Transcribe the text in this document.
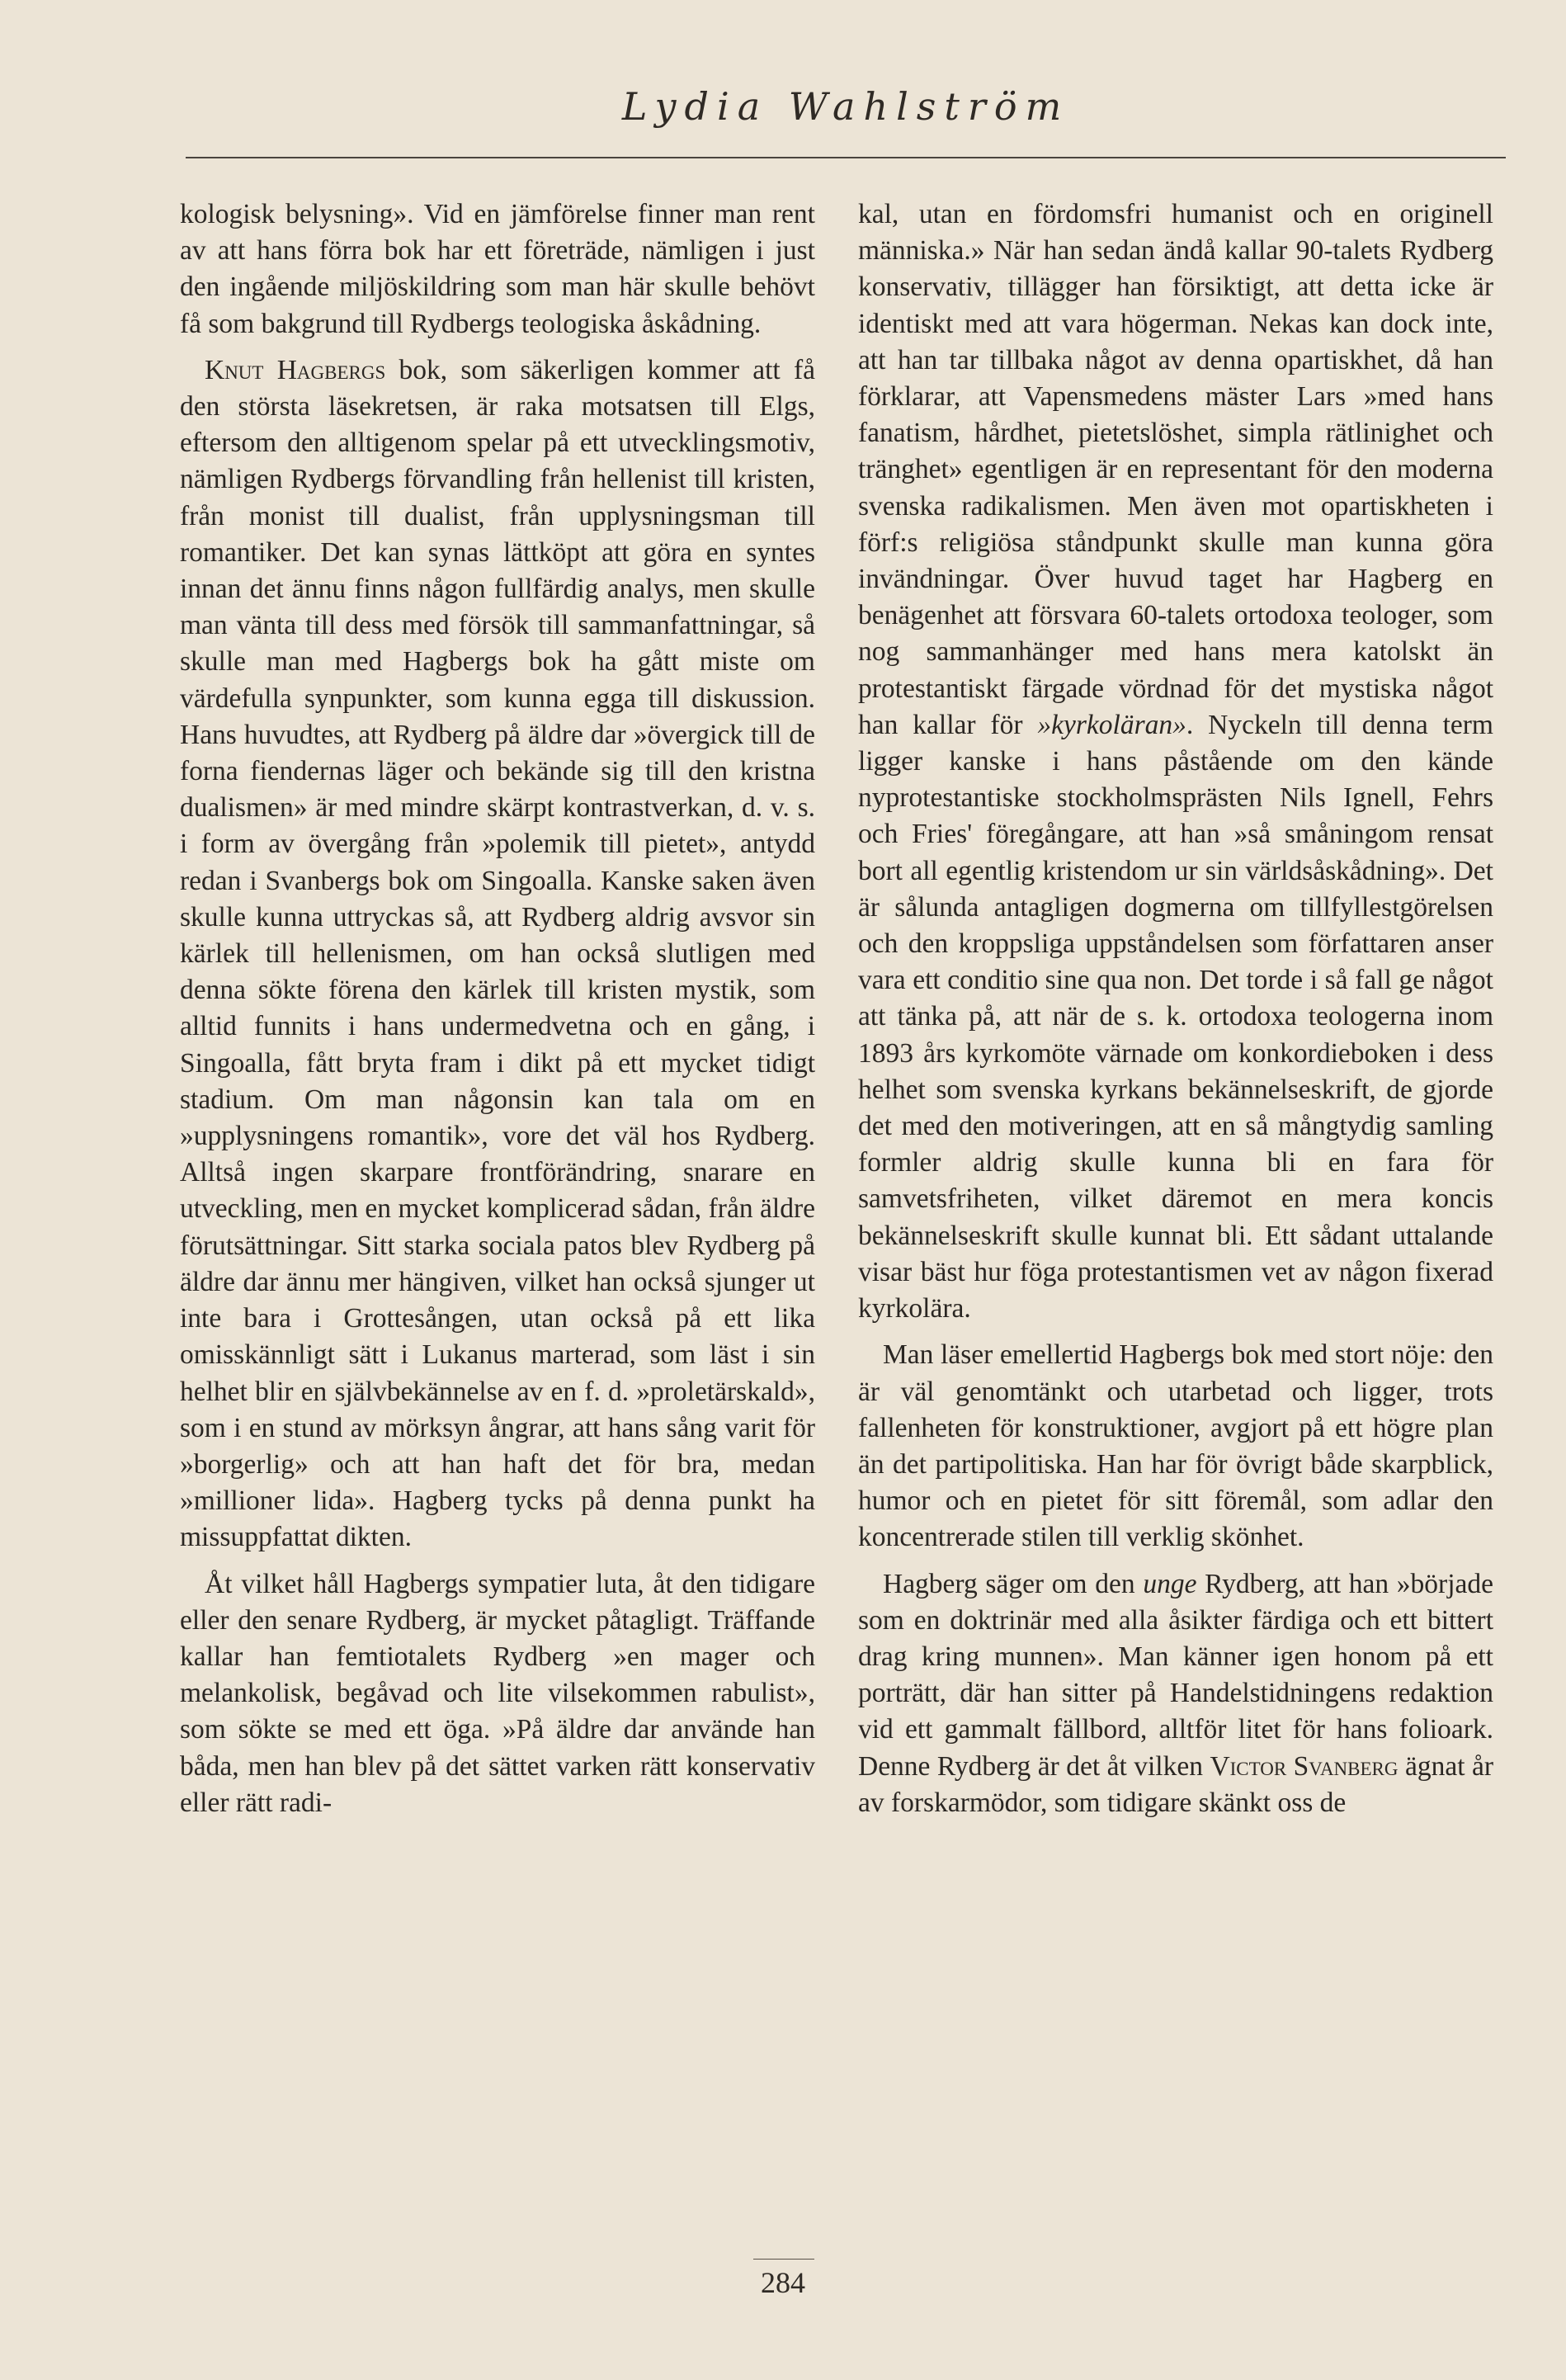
Lydia Wahlström

kologisk belysning». Vid en jämförelse finner man rent av att hans förra bok har ett företräde, nämligen i just den ingående miljöskildring som man här skulle behövt få som bakgrund till Rydbergs teologiska åskådning.

Knut Hagbergs bok, som säkerligen kommer att få den största läsekretsen, är raka motsatsen till Elgs, eftersom den alltigenom spelar på ett utvecklingsmotiv, nämligen Rydbergs förvandling från hellenist till kristen, från monist till dualist, från upplysningsman till romantiker. Det kan synas lättköpt att göra en syntes innan det ännu finns någon fullfärdig analys, men skulle man vänta till dess med försök till sammanfattningar, så skulle man med Hagbergs bok ha gått miste om värdefulla synpunkter, som kunna egga till diskussion. Hans huvudtes, att Rydberg på äldre dar »övergick till de forna fiendernas läger och bekände sig till den kristna dualismen» är med mindre skärpt kontrastverkan, d. v. s. i form av övergång från »polemik till pietet», antydd redan i Svanbergs bok om Singoalla. Kanske saken även skulle kunna uttryckas så, att Rydberg aldrig avsvor sin kärlek till hellenismen, om han också slutligen med denna sökte förena den kärlek till kristen mystik, som alltid funnits i hans undermedvetna och en gång, i Singoalla, fått bryta fram i dikt på ett mycket tidigt stadium. Om man någonsin kan tala om en »upplysningens romantik», vore det väl hos Rydberg. Alltså ingen skarpare frontförändring, snarare en utveckling, men en mycket komplicerad sådan, från äldre förutsättningar. Sitt starka sociala patos blev Rydberg på äldre dar ännu mer hängiven, vilket han också sjunger ut inte bara i Grottesången, utan också på ett lika omisskännligt sätt i Lukanus marterad, som läst i sin helhet blir en självbekännelse av en f. d. »proletärskald», som i en stund av mörksyn ångrar, att hans sång varit för »borgerlig» och att han haft det för bra, medan »millioner lida». Hagberg tycks på denna punkt ha missuppfattat dikten.

Åt vilket håll Hagbergs sympatier luta, åt den tidigare eller den senare Rydberg, är mycket påtagligt. Träffande kallar han femtiotalets Rydberg »en mager och melankolisk, begåvad och lite vilsekommen rabulist», som sökte se med ett öga. »På äldre dar använde han båda, men han blev på det sättet varken rätt konservativ eller rätt radi-

kal, utan en fördomsfri humanist och en originell människa.» När han sedan ändå kallar 90-talets Rydberg konservativ, tillägger han försiktigt, att detta icke är identiskt med att vara högerman. Nekas kan dock inte, att han tar tillbaka något av denna opartiskhet, då han förklarar, att Vapensmedens mäster Lars »med hans fanatism, hårdhet, pietetslöshet, simpla rätlinighet och tränghet» egentligen är en representant för den moderna svenska radikalismen. Men även mot opartiskheten i förf:s religiösa ståndpunkt skulle man kunna göra invändningar. Över huvud taget har Hagberg en benägenhet att försvara 60-talets ortodoxa teologer, som nog sammanhänger med hans mera katolskt än protestantiskt färgade vördnad för det mystiska något han kallar för »kyrkoläran». Nyckeln till denna term ligger kanske i hans påstående om den kände nyprotestantiske stockholmsprästen Nils Ignell, Fehrs och Fries' föregångare, att han »så småningom rensat bort all egentlig kristendom ur sin världsåskådning». Det är sålunda antagligen dogmerna om tillfyllestgörelsen och den kroppsliga uppståndelsen som författaren anser vara ett conditio sine qua non. Det torde i så fall ge något att tänka på, att när de s. k. ortodoxa teologerna inom 1893 års kyrkomöte värnade om konkordieboken i dess helhet som svenska kyrkans bekännelseskrift, de gjorde det med den motiveringen, att en så mångtydig samling formler aldrig skulle kunna bli en fara för samvetsfriheten, vilket däremot en mera koncis bekännelseskrift skulle kunnat bli. Ett sådant uttalande visar bäst hur föga protestantismen vet av någon fixerad kyrkolära.

Man läser emellertid Hagbergs bok med stort nöje: den är väl genomtänkt och utarbetad och ligger, trots fallenheten för konstruktioner, avgjort på ett högre plan än det partipolitiska. Han har för övrigt både skarpblick, humor och en pietet för sitt föremål, som adlar den koncentrerade stilen till verklig skönhet.

Hagberg säger om den unge Rydberg, att han »började som en doktrinär med alla åsikter färdiga och ett bittert drag kring munnen». Man känner igen honom på ett porträtt, där han sitter på Handelstidningens redaktion vid ett gammalt fällbord, alltför litet för hans folioark. Denne Rydberg är det åt vilken Victor Svanberg ägnat år av forskarmödor, som tidigare skänkt oss de

284
